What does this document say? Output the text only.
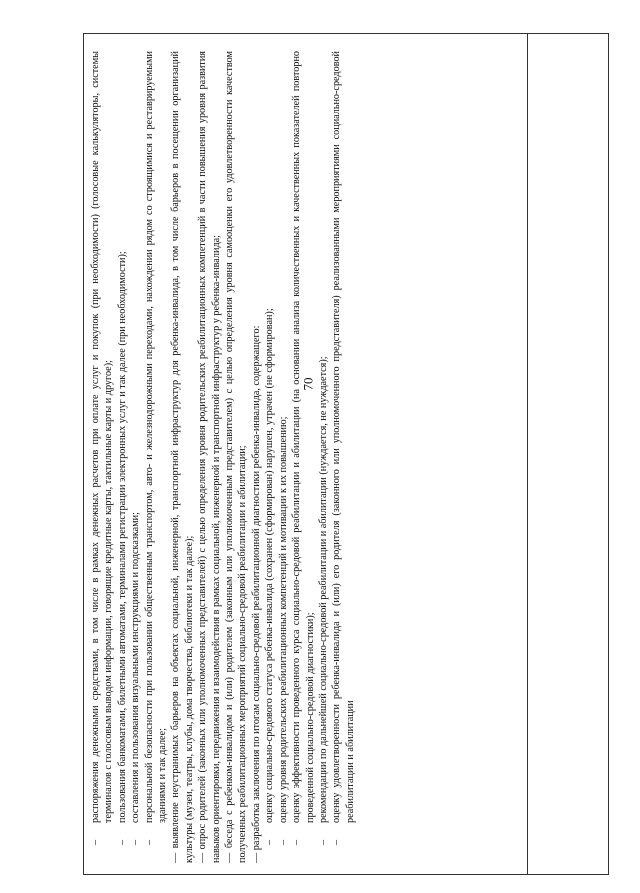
70

– распоряжения денежными средствами, в том числе в рамках денежных расчетов при оплате услуг и покупок (при необходимости) (голосовые калькуляторы, системы терминалов с голосовым выводом информации, говорящие кредитные карты, тактильные карты и другое); – пользования банкоматами, билетными автоматами, терминалами регистрации электронных услуг и так далее (при необходимости); – составления и пользования визуальными инструкциями и подсказками; – персональной безопасности при пользовании общественным транспортом, авто- и железнодорожными переходами, нахождении рядом со строящимися и реставрируемыми зданиями и так далее; — выявление неустранимых барьеров на объектах социальной, инженерной, транспортной инфраструктур для ребенка-инвалида, в том числе барьеров в посещении организаций культуры (музеи, театры, клубы, дома творчества, библиотеки и так далее); — опрос родителей (законных или уполномоченных представителей) с целью определения уровня родительских реабилитационных компетенций в части повышения уровня развития навыков ориентировки, передвижения и взаимодействия в рамках социальной, инженерной и транспортной инфраструктур у ребенка-инвалида; — беседа с ребенком-инвалидом и (или) родителем (законным или уполномоченным представителем) с целью определения уровня самооценки его удовлетворенности качеством полученных реабилитационных мероприятий социально-средовой реабилитации и абилитации; — разработка заключения по итогам социально-средовой реабилитационной диагностики ребенка-инвалида, содержащего: – оценку социально-средового статуса ребенка-инвалида (сохранен (сформирован) нарушен, утрачен (не сформирован); – оценку уровня родительских реабилитационных компетенций и мотивации к их повышению; – оценку эффективности проведенного курса социально-средовой реабилитации и абилитации (на основании анализа количественных и качественных показателей повторно проведенной социально-средовой диагностики); – рекомендации по дальнейшей социально-средовой реабилитации и абилитации (нуждается, не нуждается); – оценку удовлетворенности ребенка-инвалида и (или) его родителя (законного или уполномоченного представителя) реализованными мероприятиями социально-средовой реабилитации и абилитации
